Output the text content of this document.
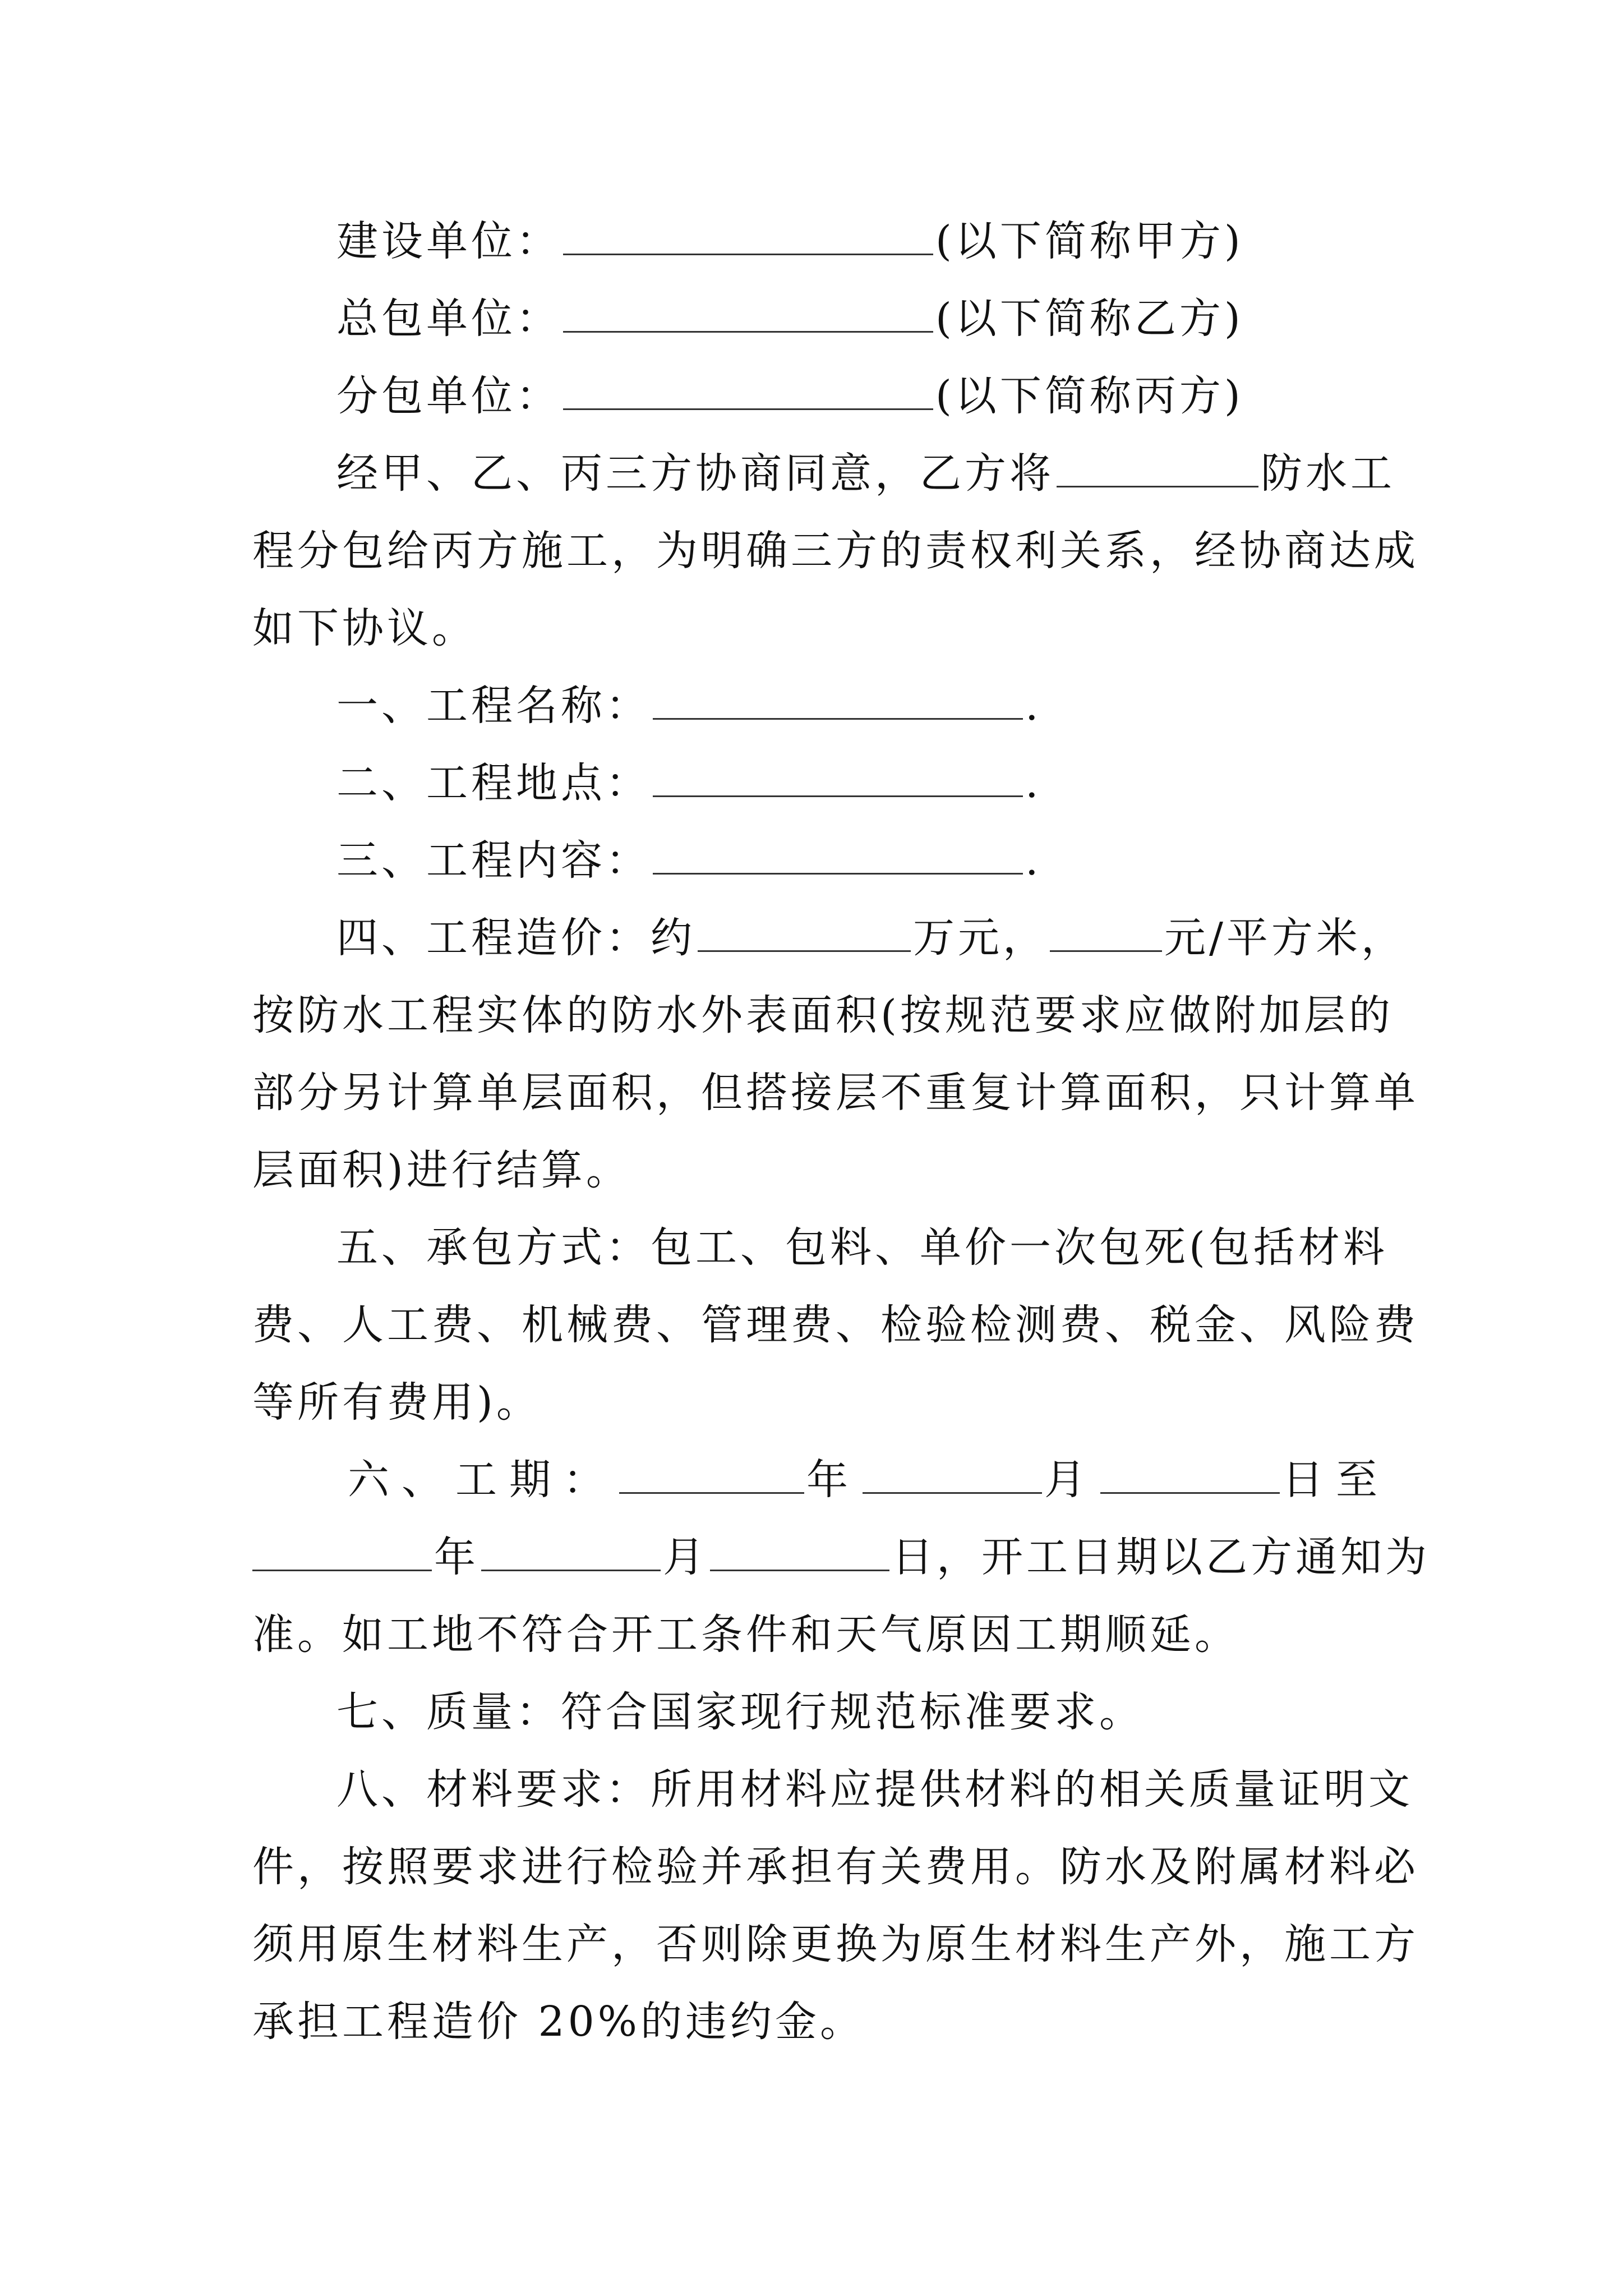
建设单位：	(以下简称甲方)
总包单位：	(以下简称乙方)
分包单位：	(以下简称丙方)
经甲、乙、丙三方协商同意，乙方将	防水工
程分包给丙方施工，为明确三方的责权利关系，经协商达成
如下协议。
一、工程名称：	.
二、工程地点：	.
三、工程内容：	.
四、工程造价：约	万元，	元/平方米，
按防水工程实体的防水外表面积(按规范要求应做附加层的
部分另计算单层面积，但搭接层不重复计算面积，只计算单
层面积)进行结算。
五、承包方式：包工、包料、单价一次包死(包括材料
费、人工费、机械费、管理费、检验检测费、税金、风险费
等所有费用)。
六、工期：	年	月	日至
年	月	日，开工日期以乙方通知为
准。如工地不符合开工条件和天气原因工期顺延。
七、质量：符合国家现行规范标准要求。
八、材料要求：所用材料应提供材料的相关质量证明文
件，按照要求进行检验并承担有关费用。防水及附属材料必
须用原生材料生产，否则除更换为原生材料生产外，施工方
承担工程造价 20%的违约金。
